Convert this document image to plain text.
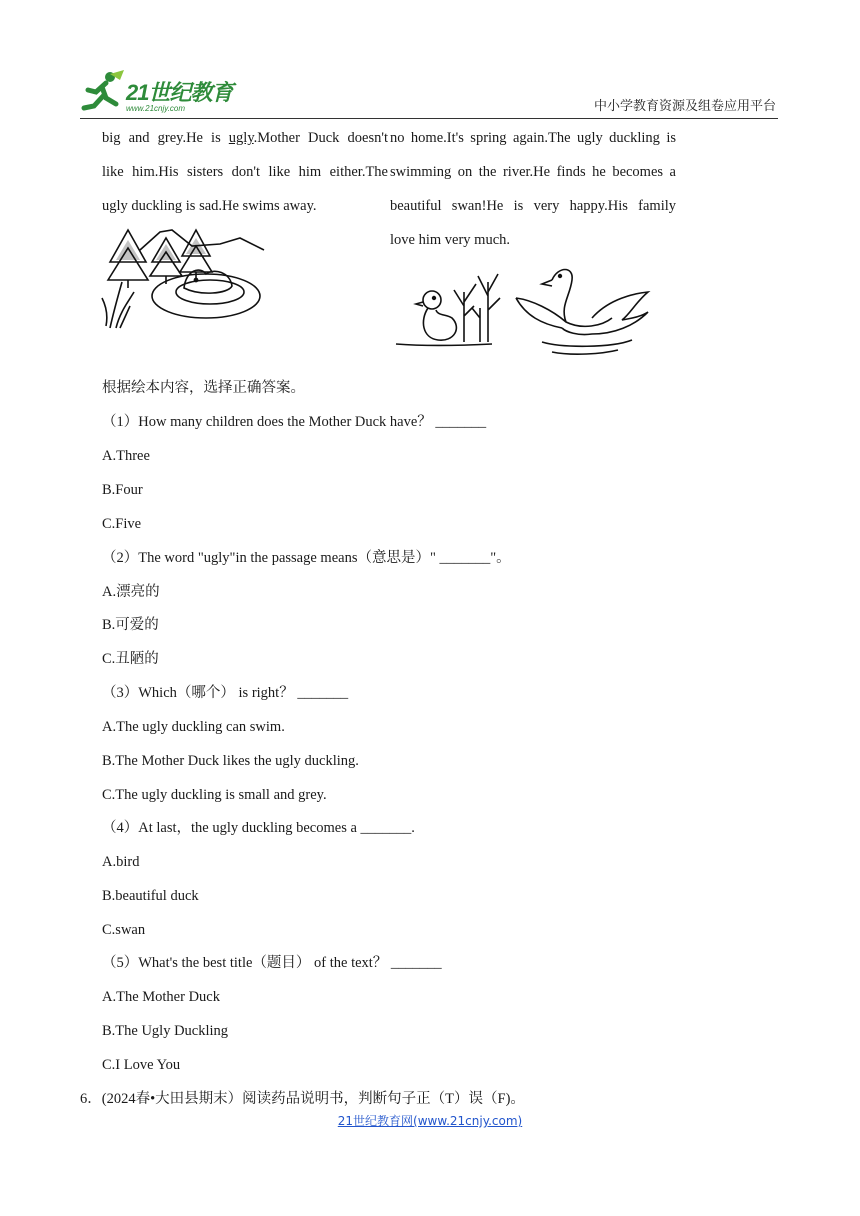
21世纪教育
www.21cnjy.com	中小学教育资源及组卷应用平台
big and grey.He is ugly.Mother Duck doesn't
like him.His sisters don't like him either.The
ugly duckling is sad.He swims away.
no home.It's spring again.The ugly duckling is
swimming on the river.He finds he becomes a
beautiful swan!He is very happy.His family
love him very much.
根据绘本内容，选择正确答案。
（1）How many children does the Mother Duck have？ _______
A.Three
B.Four
C.Five
（2）The word "ugly"in the passage means（意思是）" _______"。
A.漂亮的
B.可爱的
C.丑陋的
（3）Which（哪个） is right？ _______
A.The ugly duckling can swim.
B.The Mother Duck likes the ugly duckling.
C.The ugly duckling is small and grey.
（4）At last，the ugly duckling becomes a _______.
A.bird
B.beautiful duck
C.swan
（5）What's the best title（题目） of the text？ _______
A.The Mother Duck
B.The Ugly Duckling
C.I Love You
6．(2024春•大田县期末）阅读药品说明书，判断句子正（T）误（F)。
21世纪教育网(www.21cnjy.com)
